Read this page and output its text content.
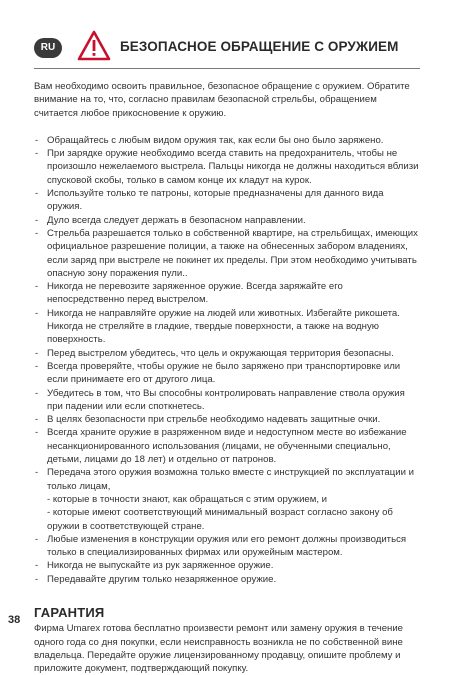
RU	БЕЗОПАСНОЕ ОБРАЩЕНИЕ С ОРУЖИЕМ

Вам необходимо освоить правильное, безопасное обращение с оружием. Обратите внимание на то, что, согласно правилам безопасной стрельбы, обращением считается любое прикосновение к оружию.

- Обращайтесь с любым видом оружия так, как если бы оно было заряжено.
- При зарядке оружие необходимо всегда ставить на предохранитель, чтобы не произошло нежелаемого выстрела. Пальцы никогда не должны находиться вблизи спусковой скобы, только в самом конце их кладут на курок.
- Используйте только те патроны, которые предназначены для данного вида оружия.
- Дуло всегда следует держать в безопасном направлении.
- Стрельба разрешается только в собственной квартире, на стрельбищах, имеющих официальное разрешение полиции, а также на обнесенных забором владениях, если заряд при выстреле не покинет их пределы. При этом необходимо учитывать опасную зону поражения пули..
- Никогда не перевозите заряженное оружие. Всегда заряжайте его непосредственно перед выстрелом.
- Никогда не направляйте оружие на людей или животных. Избегайте рикошета. Никогда не стреляйте в гладкие, твердые поверхности, а также на водную поверхность.
- Перед выстрелом убедитесь, что цель и окружающая территория безопасны.
- Всегда проверяйте, чтобы оружие не было заряжено при транспортировке или если принимаете его от другого лица.
- Убедитесь в том, что Вы способны контролировать направление ствола оружия при падении или если споткнетесь.
- В целях безопасности при стрельбе необходимо надевать защитные очки.
- Всегда храните оружие в разряженном виде и недоступном месте во избежание несанкционированного использования (лицами, не обученными специально, детьми, лицами до 18 лет) и отдельно от патронов.
- Передача этого оружия возможна только вместе с инструкцией по эксплуатации и только лицам,
- которые в точности знают, как обращаться с этим оружием, и
- которые имеют соответствующий минимальный возраст согласно закону об оружии в соответствующей стране.
- Любые изменения в конструкции оружия или его ремонт должны производиться только в специализированных фирмах или оружейным мастером.
- Никогда не выпускайте из рук заряженное оружие.
- Передавайте другим только незаряженное оружие.
ГАРАНТИЯ

Фирма Umarex готова бесплатно произвести ремонт или замену оружия в течение одного года со дня покупки, если неисправность возникла не по собственной вине владельца. Передайте оружие лицензированному продавцу, опишите проблему и приложите документ, подтверждающий покупку.

38
